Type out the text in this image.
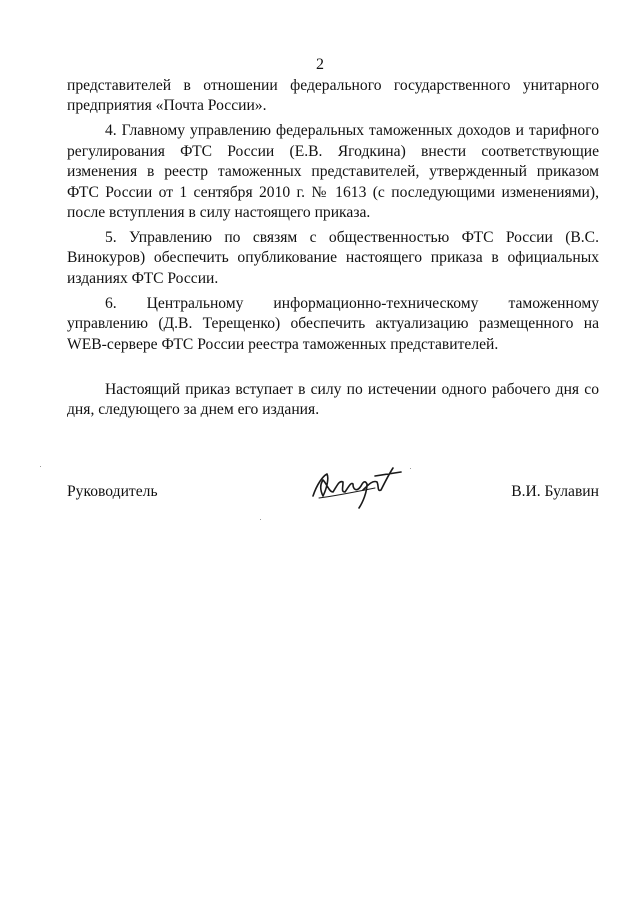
2

представителей в отношении федерального государственного унитарного предприятия «Почта России».

4. Главному управлению федеральных таможенных доходов и тарифного регулирования ФТС России (Е.В. Ягодкина) внести соответствующие изменения в реестр таможенных представителей, утвержденный приказом ФТС России от 1 сентября 2010 г. № 1613 (с последующими изменениями), после вступления в силу настоящего приказа.

5. Управлению по связям с общественностью ФТС России (В.С. Винокуров) обеспечить опубликование настоящего приказа в официальных изданиях ФТС России.

6. Центральному информационно-техническому таможенному управлению (Д.В. Терещенко) обеспечить актуализацию размещенного на WEB-сервере ФТС России реестра таможенных представителей.

Настоящий приказ вступает в силу по истечении одного рабочего дня со дня, следующего за днем его издания.

Руководитель	В.И. Булавин
